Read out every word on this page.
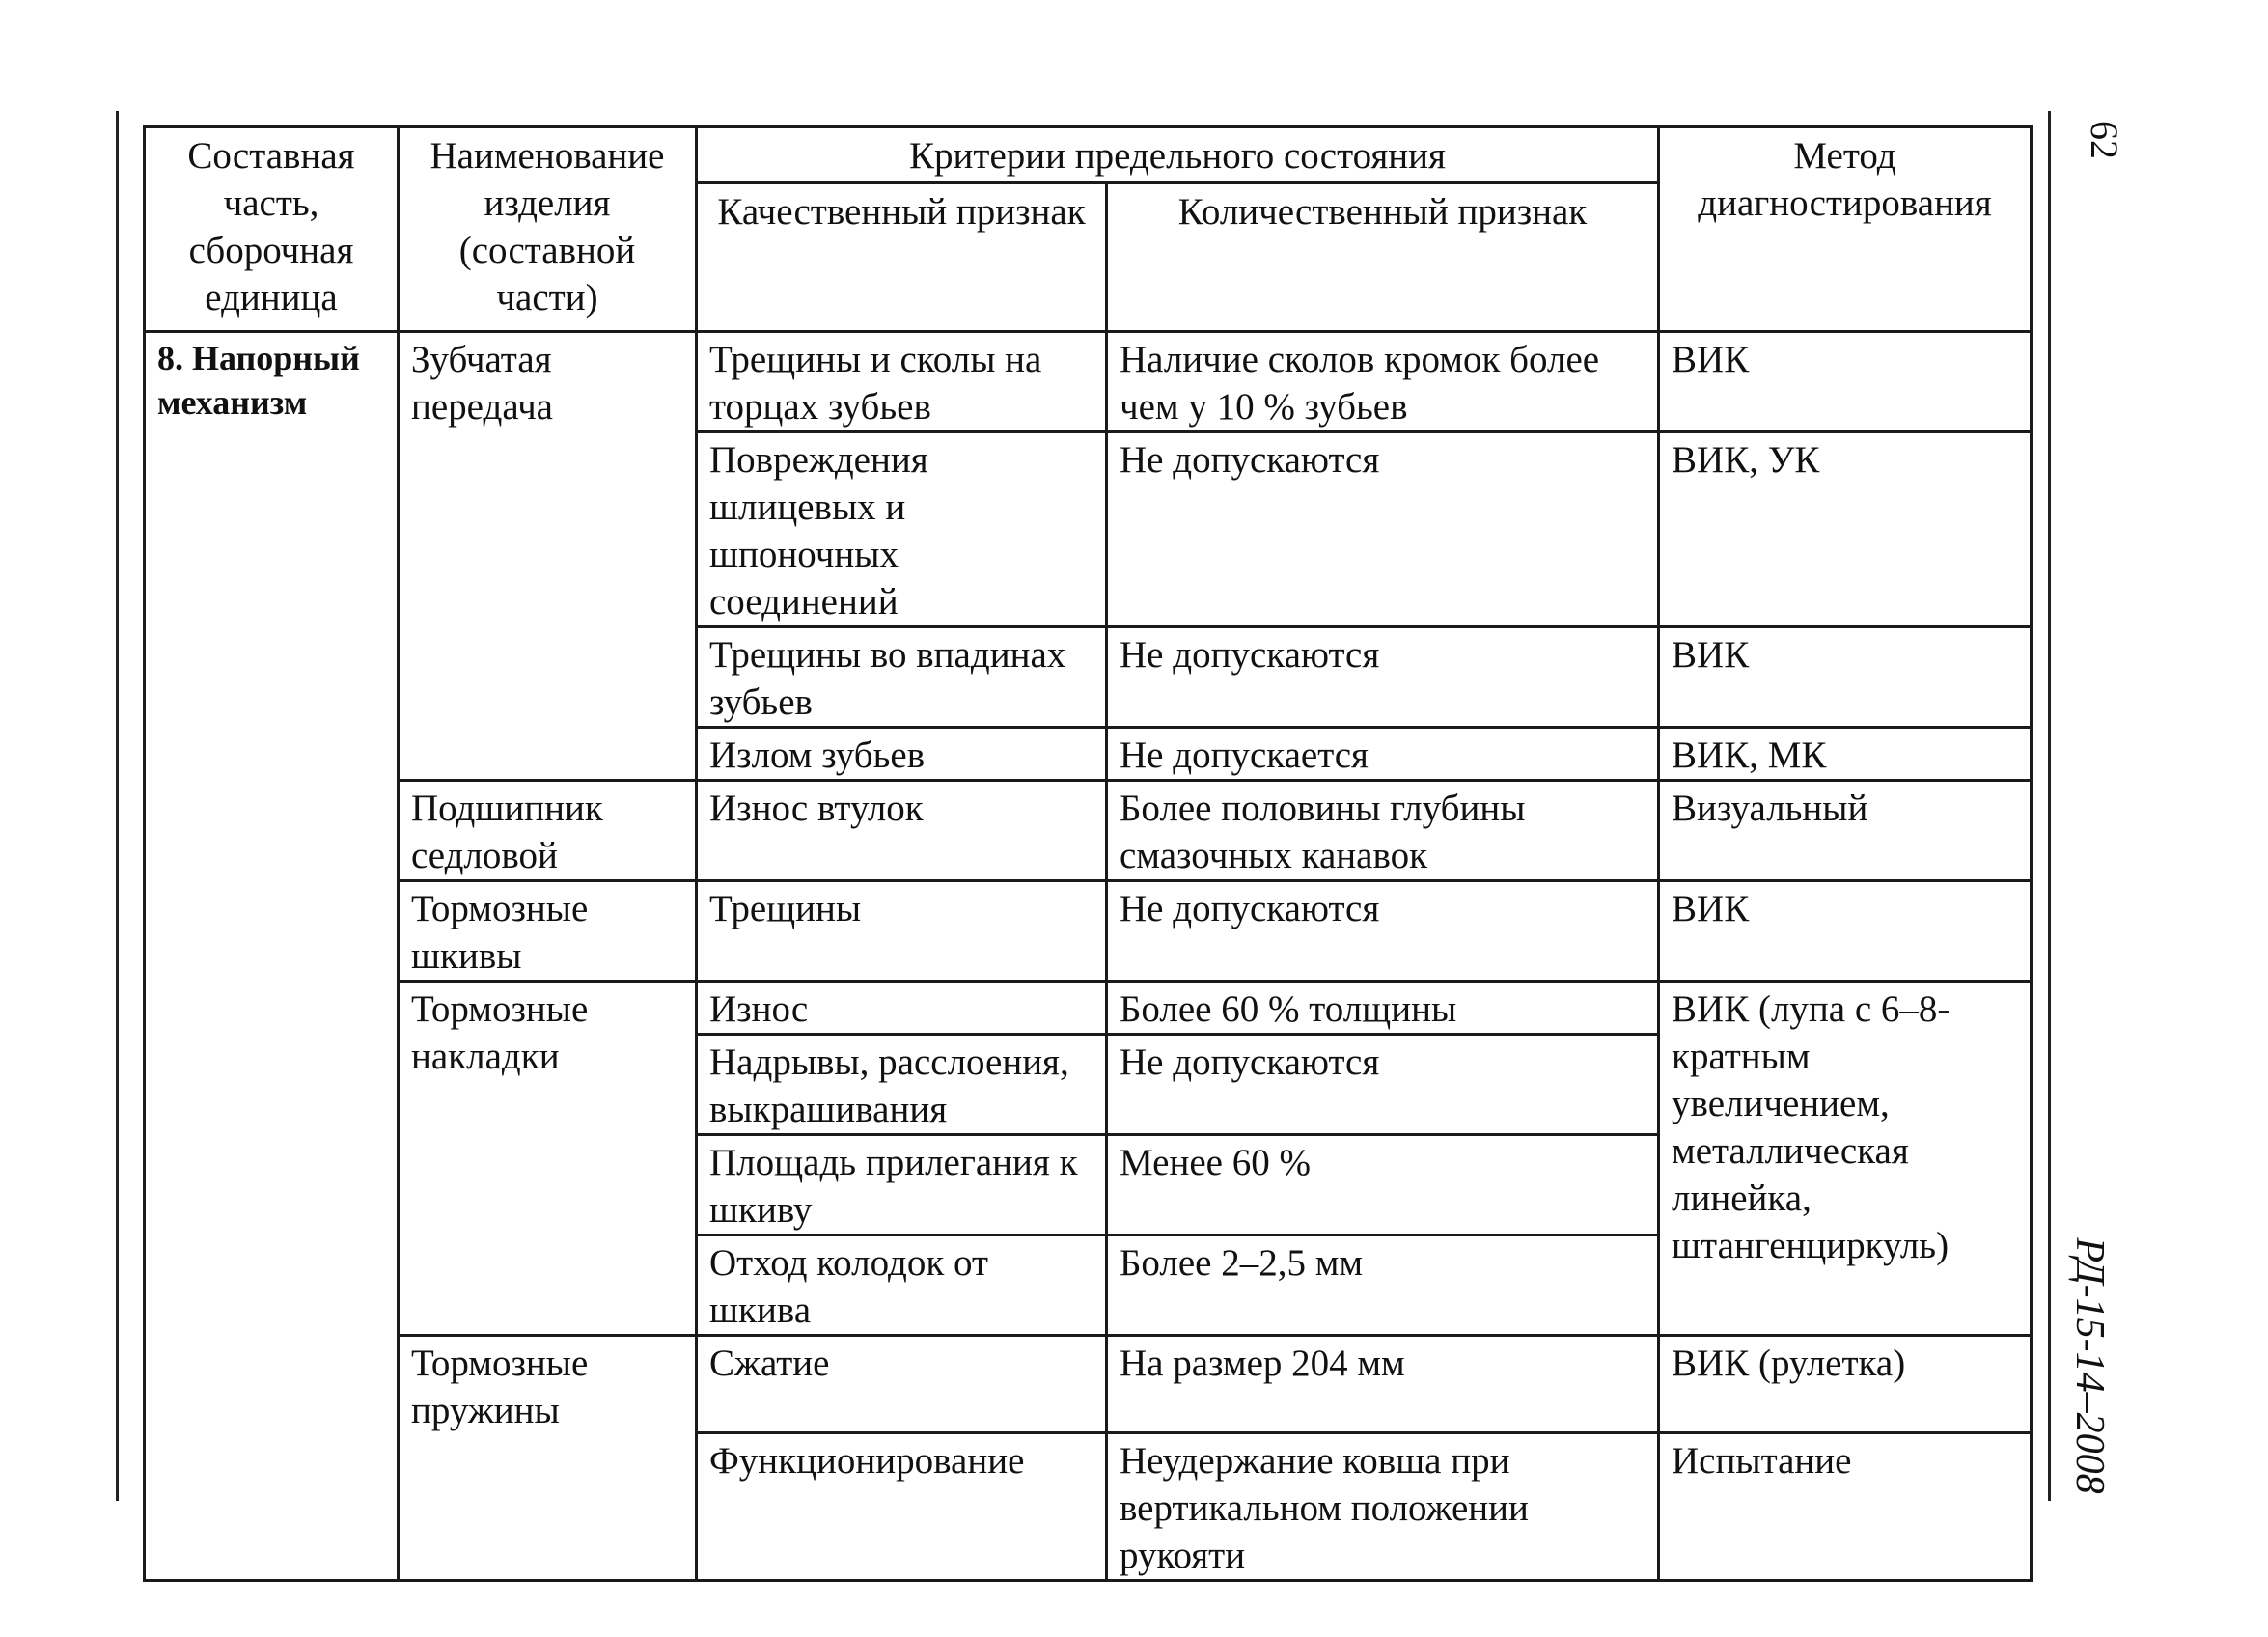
62
РД-15-14–2008
Составная часть, сборочная единица	Наименование изделия (составной части)	Критерии предельного состояния		Метод диагностирования
		Качественный признак	Количественный признак	
8. Напорный механизм	Зубчатая передача	Трещины и сколы на торцах зубьев	Наличие сколов кромок более чем у 10 % зубьев	ВИК
		Повреждения шлицевых и шпоночных соединений	Не допускаются	ВИК, УК
		Трещины во впадинах зубьев	Не допускаются	ВИК
		Излом зубьев	Не допускается	ВИК, МК
	Подшипник седловой	Износ втулок	Более половины глубины смазочных канавок	Визуальный
	Тормозные шкивы	Трещины	Не допускаются	ВИК
	Тормозные накладки	Износ	Более 60 % толщины	ВИК (лупа с 6–8-кратным увеличением, металлическая линейка, штангенциркуль)
		Надрывы, расслоения, выкрашивания	Не допускаются	
		Площадь прилегания к шкиву	Менее 60 %	
		Отход колодок от шкива	Более 2–2,5 мм	
	Тормозные пружины	Сжатие	На размер 204 мм	ВИК (рулетка)
		Функционирование	Неудержание ковша при вертикальном положении рукояти	Испытание
